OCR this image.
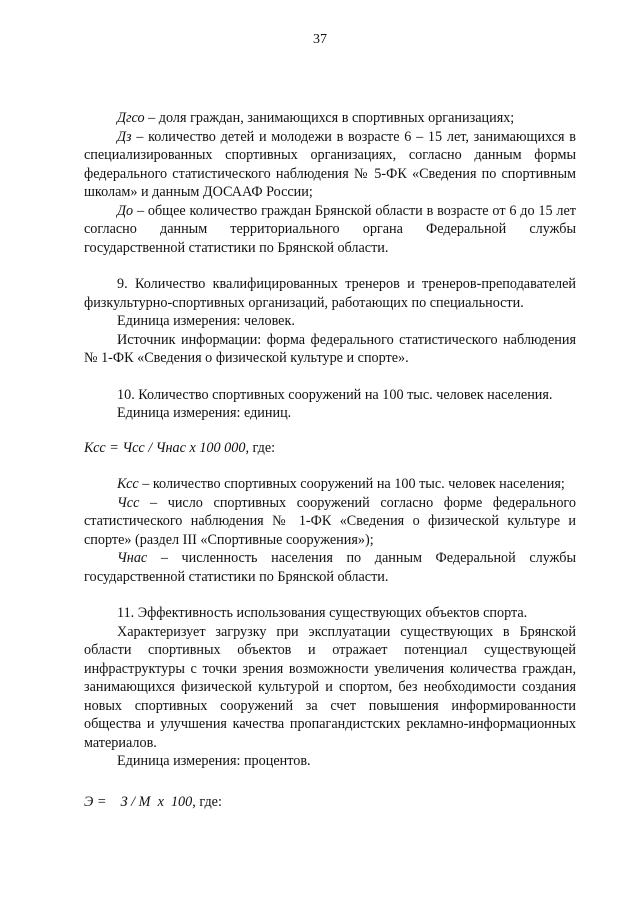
37

Дгсо – доля граждан, занимающихся в спортивных организациях;

Дз – количество детей и молодежи в возрасте 6 – 15 лет, занимающихся в специализированных спортивных организациях, согласно данным формы федерального статистического наблюдения № 5-ФК «Сведения по спортивным школам» и данным ДОСААФ России;

До – общее количество граждан Брянской области в возрасте от 6 до 15 лет согласно данным территориального органа Федеральной службы государственной статистики по Брянской области.

9. Количество квалифицированных тренеров и тренеров-преподавателей физкультурно-спортивных организаций, работающих по специальности.

Единица измерения: человек.

Источник информации: форма федерального статистического наблюдения № 1-ФК «Сведения о физической культуре и спорте».

10. Количество спортивных сооружений на 100 тыс. человек населения.

Единица измерения: единиц.

Ксс = Чсс / Чнас x 100 000, где:

Ксс – количество спортивных сооружений на 100 тыс. человек населения;

Чсс – число спортивных сооружений согласно форме федерального статистического наблюдения № 1-ФК «Сведения о физической культуре и спорте» (раздел III «Спортивные сооружения»);

Чнас – численность населения по данным Федеральной службы государственной статистики по Брянской области.

11. Эффективность использования существующих объектов спорта.

Характеризует загрузку при эксплуатации существующих в Брянской области спортивных объектов и отражает потенциал существующей инфраструктуры с точки зрения возможности увеличения количества граждан, занимающихся физической культурой и спортом, без необходимости создания новых спортивных сооружений за счет повышения информированности общества и улучшения качества пропагандистских рекламно-информационных материалов.

Единица измерения: процентов.

Э =    З / М  х  100, где:
